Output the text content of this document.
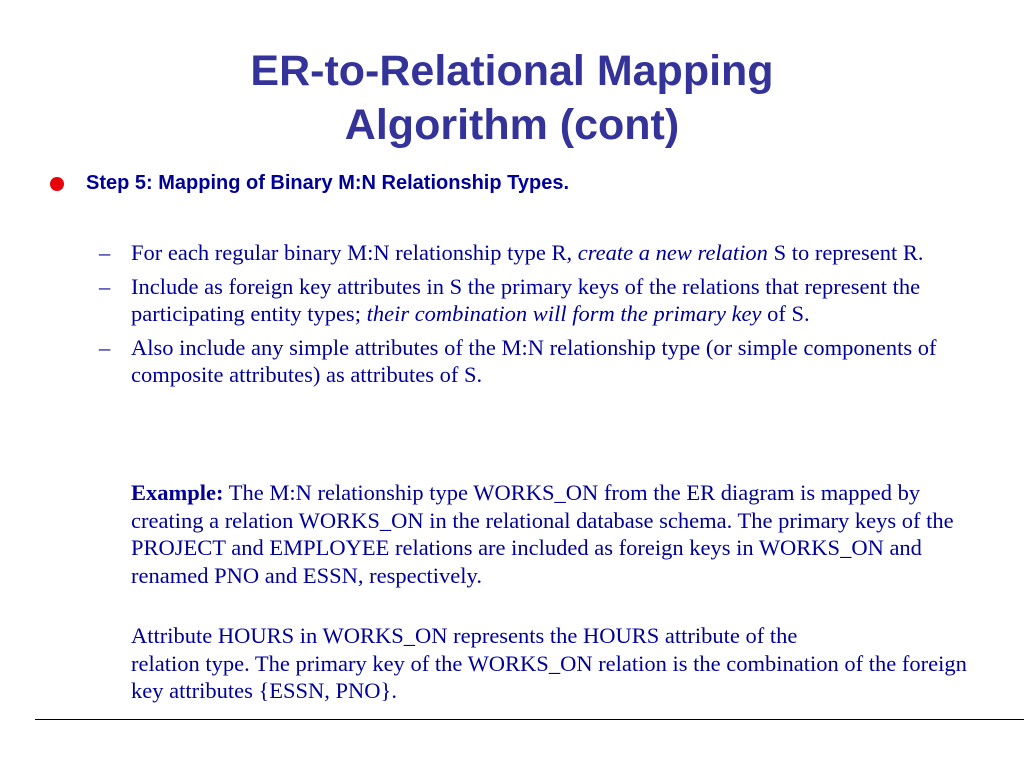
ER-to-Relational Mapping
Algorithm (cont)
Step 5: Mapping of Binary M:N Relationship Types.
– For each regular binary M:N relationship type R, create a new relation S to represent R.
– Include as foreign key attributes in S the primary keys of the relations that represent the participating entity types; their combination will form the primary key of S.
– Also include any simple attributes of the M:N relationship type (or simple components of composite attributes) as attributes of S.
Example: The M:N relationship type WORKS_ON from the ER diagram is mapped by creating a relation WORKS_ON in the relational database schema. The primary keys of the PROJECT and EMPLOYEE relations are included as foreign keys in WORKS_ON and renamed PNO and ESSN, respectively.
Attribute HOURS in WORKS_ON represents the HOURS attribute of the
relation type. The primary key of the WORKS_ON relation is the combination of the foreign key attributes {ESSN, PNO}.
